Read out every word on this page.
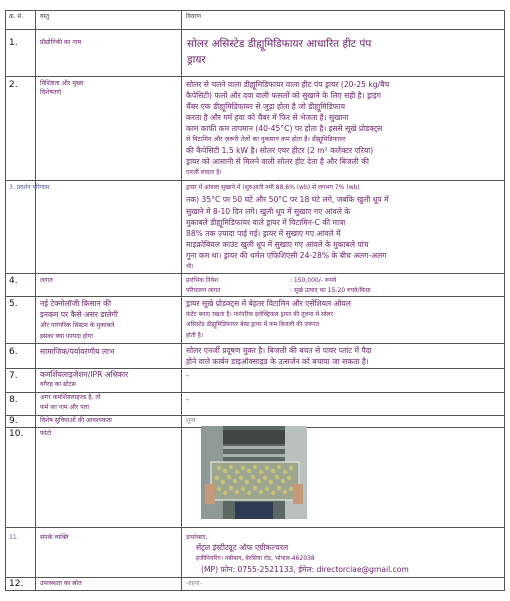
क्र. सं.	वस्तु	विवरण
1.	प्रौद्योगिकी का नाम	सोलर असिस्टेड डीह्यूमिडिफायर आधारित हीट पंप
ड्रायर
2.	विशिष्टता और मुख्य
विशेषताएं
सोलर से चलने वाला डीह्यूमिडिफायर वाला हीट पंप ड्रायर (20-25 kg/बैच
कैपेसिटी) फलों और दवा वाली फसलों को सुखाने के लिए सही है। ड्राइंग
चैंबर एक डीह्यूमिडिफायर से जुड़ा होता है जो डीह्यूमिडिफाय
करता है और गर्म हवा को चैंबर में फिर से भेजता है। सुखाना
काम काफी कम तापमान (40-45°C) पर होता है। इससे सूखे प्रोडक्ट्स
से विटामिन और ज़रूरी तेलों का नुकसान कम होता है। डीह्यूमिडिफायर
की कैपेसिटी 1.5 kW है। सोलर एयर हीटर (2 m² कलेक्टर एरिया)
ड्रायर को आसानी से मिलने वाली सोलर हीट देता है और बिजली की
एनर्जी बचाता है।
3. प्रदर्शन परिणाम	ड्रायर में आंवला सुखाने में (शुरुआती नमी 88.6% (wb) से लगभग 7% (wb)
तक) 35°C पर 50 घंटे और 50°C पर 18 घंटे लगे, जबकि खुली धूप में
सुखाने में 8-10 दिन लगे। खुली धूप में सुखाए गए आंवले के
मुकाबले डीह्यूमिडिफायर वाले ड्रायर में विटामिन-C की मात्रा
88% तक ज़्यादा पाई गई। ड्रायर में सुखाए गए आंवले में
माइक्रोबियल काउंट खुली धूप में सुखाए गए आंवले के मुकाबले पांच
गुना कम था। ड्रायर की थर्मल एफिशिएंसी 24-28% के बीच अलग-अलग
थी।
4.	लागत	प्रारंभिक निवेश	: 150,000/- रूपये
परिचालन लागत	: सूखे उत्पाद का 15-20 रुपये/किग्रा
5.	नई टेक्नोलॉजी किसान की
इनकम पर कैसे असर डालेगी
और पारंपरिक सिस्टम के मुकाबले
इसका क्या फायदा होगा
ड्रायर सूखे प्रोडक्ट्स में बेहतर विटामिन और एसेंशियल ऑयल
कंटेंट बनाए रखता है। पारंपरिक इलेक्ट्रिकल ड्रायर की तुलना में सोलर
असिस्टेड डीह्यूमिडिफायर बेस्ड ड्रायर में कम बिजली की ज़रूरत
होती है।
6.	सामाजिक/पर्यावरणीय लाभ	सोलर एनर्जी प्रदूषण मुक्त है। बिजली की बचत से पावर प्लांट में पैदा
होने वाले कार्बन डाइऑक्साइड के उत्सर्जन को बचाया जा सकता है।
7.	कमर्शियलाइजेशन/IPR अधिकार
वगैरह का स्टेटस
-
8.	अगर कमर्शियलाइज्ड है, तो
फर्म का नाम और पता
-
9.	विशेष सुविधाओं की आवश्यकता	शून्य
10.	फोटो
11.	संपर्क व्यक्ति	डायरेक्टर,
सेंट्रल इंस्टीट्यूट ऑफ़ एग्रीकल्चरल
इंजीनियरिंग। नबीबाग, बेरसिया रोड, भोपाल-462038
(MP) फ़ोन: 0755-2521133, ईमेल: directorciae@gmail.com
12.	उपलब्धता का स्रोत	-वहना-
